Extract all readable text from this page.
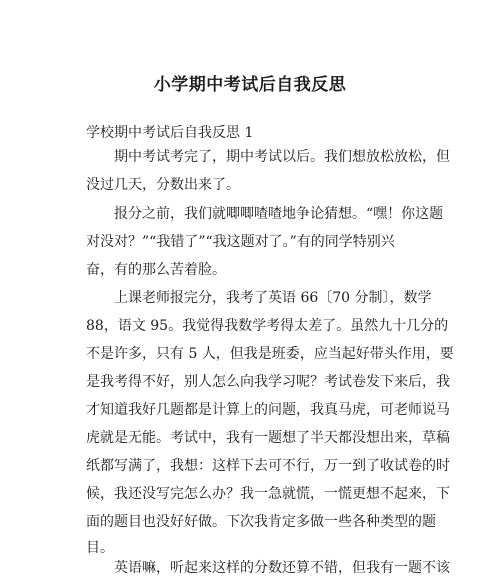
小学期中考试后自我反思
学校期中考试后自我反思 1
期中考试考完了，期中考试以后。我们想放松放松，但
没过几天，分数出来了。
报分之前，我们就唧唧喳喳地争论猜想。“嘿！你这题
对没对？”“我错了”“我这题对了。”有的同学特别兴
奋，有的那么苦着脸。
上课老师报完分，我考了英语 66〔70 分制〕，数学
88，语文 95。我觉得我数学考得太差了。虽然九十几分的
不是许多，只有 5 人，但我是班委，应当起好带头作用，要
是我考得不好，别人怎么向我学习呢？考试卷发下来后，我
才知道我好几题都是计算上的问题，我真马虎，可老师说马
虎就是无能。考试中，我有一题想了半天都没想出来，草稿
纸都写满了，我想：这样下去可不行，万一到了收试卷的时
候，我还没写完怎么办？我一急就慌，一慌更想不起来，下
面的题目也没好好做。下次我肯定多做一些各种类型的题
目。
英语嘛，听起来这样的分数还算不错，但我有一题不该
